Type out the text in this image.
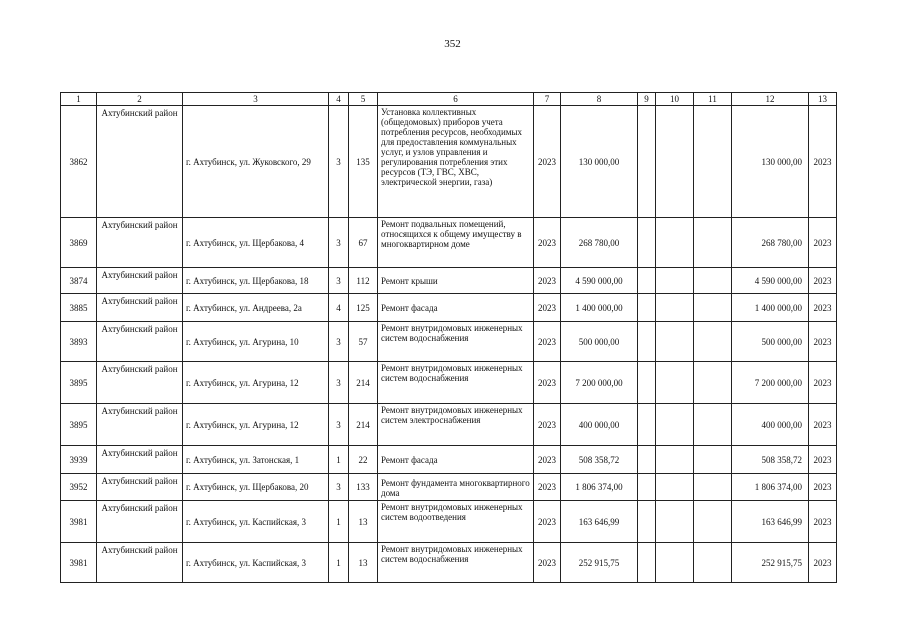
352
1	2	3	4	5	6	7	8	9	10	11	12	13
3862	Ахтубинский район	г. Ахтубинск, ул. Жуковского, 29	3	135	Установка коллективных (общедомовых) приборов учета потребления ресурсов, необходимых для предоставления коммунальных услуг, и узлов управления и регулирования потребления этих ресурсов (ТЭ, ГВС, ХВС, электрической энергии, газа)	2023	130 000,00				130 000,00	2023
3869	Ахтубинский район	г. Ахтубинск, ул. Щербакова, 4	3	67	Ремонт подвальных помещений, относящихся к общему имуществу в многоквартирном доме	2023	268 780,00				268 780,00	2023
3874	Ахтубинский район	г. Ахтубинск, ул. Щербакова, 18	3	112	Ремонт крыши	2023	4 590 000,00				4 590 000,00	2023
3885	Ахтубинский район	г. Ахтубинск, ул. Андреева, 2а	4	125	Ремонт фасада	2023	1 400 000,00				1 400 000,00	2023
3893	Ахтубинский район	г. Ахтубинск, ул. Агурина, 10	3	57	Ремонт внутридомовых инженерных систем водоснабжения	2023	500 000,00				500 000,00	2023
3895	Ахтубинский район	г. Ахтубинск, ул. Агурина, 12	3	214	Ремонт внутридомовых инженерных систем водоснабжения	2023	7 200 000,00				7 200 000,00	2023
3895	Ахтубинский район	г. Ахтубинск, ул. Агурина, 12	3	214	Ремонт внутридомовых инженерных систем электроснабжения	2023	400 000,00				400 000,00	2023
3939	Ахтубинский район	г. Ахтубинск, ул. Затонская, 1	1	22	Ремонт фасада	2023	508 358,72				508 358,72	2023
3952	Ахтубинский район	г. Ахтубинск, ул. Щербакова, 20	3	133	Ремонт фундамента многоквартирного дома	2023	1 806 374,00				1 806 374,00	2023
3981	Ахтубинский район	г. Ахтубинск, ул. Каспийская, 3	1	13	Ремонт внутридомовых инженерных систем водоотведения	2023	163 646,99				163 646,99	2023
3981	Ахтубинский район	г. Ахтубинск, ул. Каспийская, 3	1	13	Ремонт внутридомовых инженерных систем водоснабжения	2023	252 915,75				252 915,75	2023
